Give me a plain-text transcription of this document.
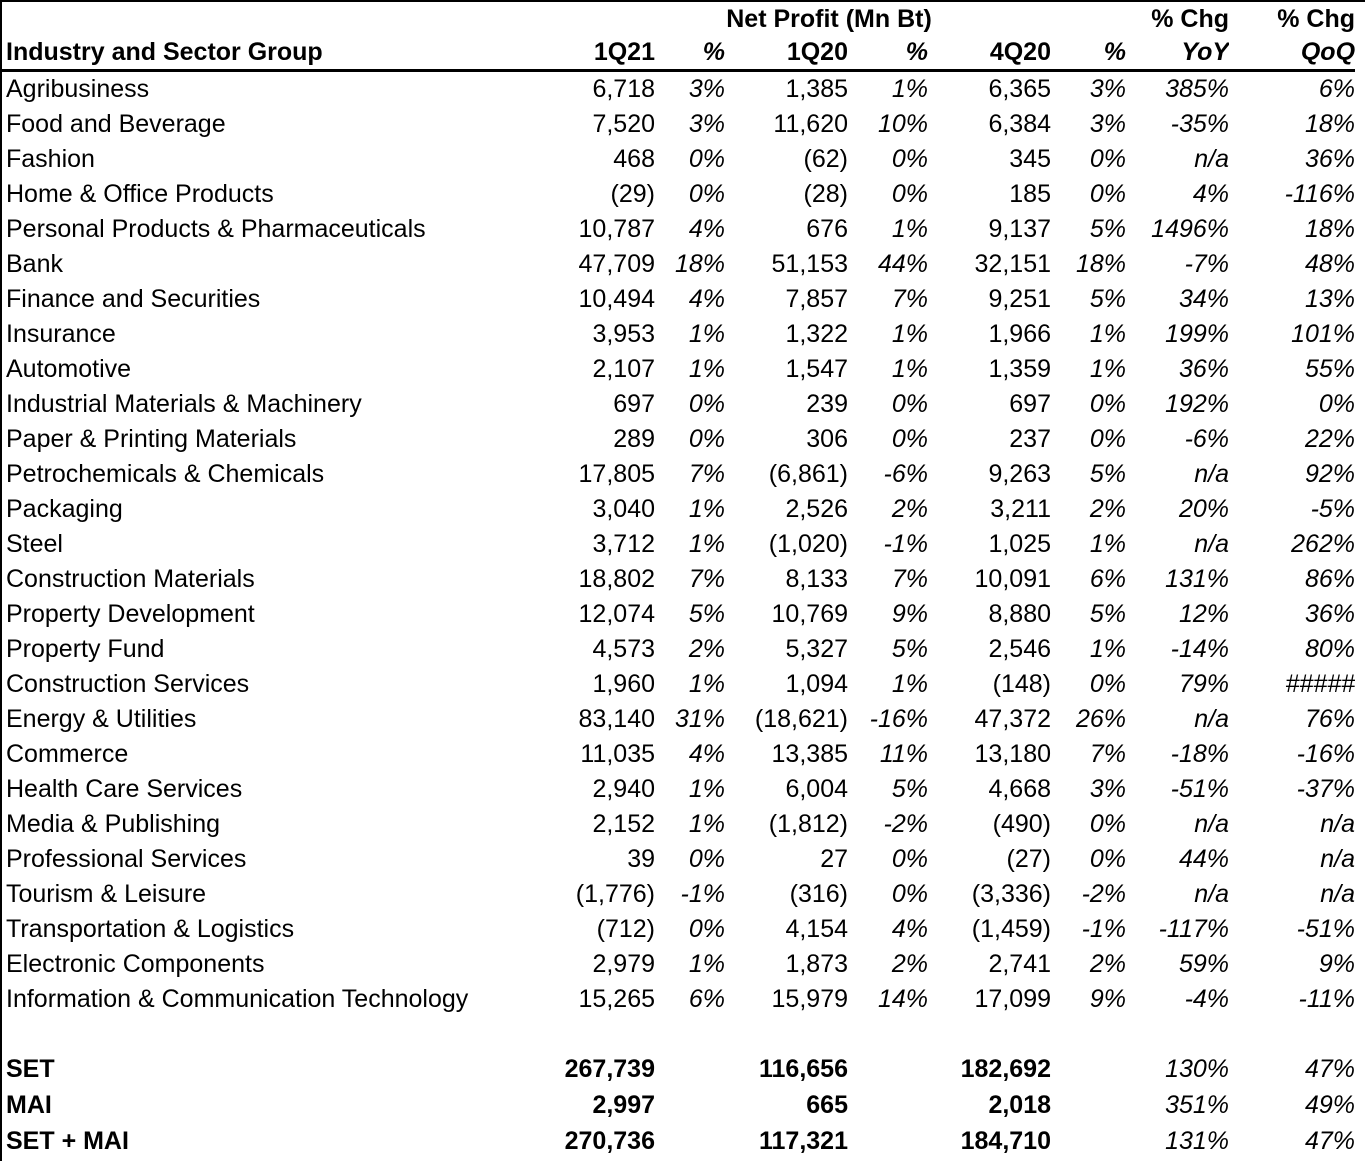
	Net Profit (Mn Bt)						% Chg	% Chg
Industry and Sector Group	1Q21	%	1Q20	%	4Q20	%	YoY	QoQ
Agribusiness	6,718	3%	1,385	1%	6,365	3%	385%	6%
Food and Beverage	7,520	3%	11,620	10%	6,384	3%	-35%	18%
Fashion	468	0%	(62)	0%	345	0%	n/a	36%
Home & Office Products	(29)	0%	(28)	0%	185	0%	4%	-116%
Personal Products & Pharmaceuticals	10,787	4%	676	1%	9,137	5%	1496%	18%
Bank	47,709	18%	51,153	44%	32,151	18%	-7%	48%
Finance and Securities	10,494	4%	7,857	7%	9,251	5%	34%	13%
Insurance	3,953	1%	1,322	1%	1,966	1%	199%	101%
Automotive	2,107	1%	1,547	1%	1,359	1%	36%	55%
Industrial Materials & Machinery	697	0%	239	0%	697	0%	192%	0%
Paper & Printing Materials	289	0%	306	0%	237	0%	-6%	22%
Petrochemicals & Chemicals	17,805	7%	(6,861)	-6%	9,263	5%	n/a	92%
Packaging	3,040	1%	2,526	2%	3,211	2%	20%	-5%
Steel	3,712	1%	(1,020)	-1%	1,025	1%	n/a	262%
Construction Materials	18,802	7%	8,133	7%	10,091	6%	131%	86%
Property Development	12,074	5%	10,769	9%	8,880	5%	12%	36%
Property Fund	4,573	2%	5,327	5%	2,546	1%	-14%	80%
Construction Services	1,960	1%	1,094	1%	(148)	0%	79%	#####
Energy & Utilities	83,140	31%	(18,621)	-16%	47,372	26%	n/a	76%
Commerce	11,035	4%	13,385	11%	13,180	7%	-18%	-16%
Health Care Services	2,940	1%	6,004	5%	4,668	3%	-51%	-37%
Media & Publishing	2,152	1%	(1,812)	-2%	(490)	0%	n/a	n/a
Professional Services	39	0%	27	0%	(27)	0%	44%	n/a
Tourism & Leisure	(1,776)	-1%	(316)	0%	(3,336)	-2%	n/a	n/a
Transportation & Logistics	(712)	0%	4,154	4%	(1,459)	-1%	-117%	-51%
Electronic Components	2,979	1%	1,873	2%	2,741	2%	59%	9%
Information & Communication Technology	15,265	6%	15,979	14%	17,099	9%	-4%	-11%

SET	267,739		116,656		182,692		130%	47%
MAI	2,997		665		2,018		351%	49%
SET + MAI	270,736		117,321		184,710		131%	47%
